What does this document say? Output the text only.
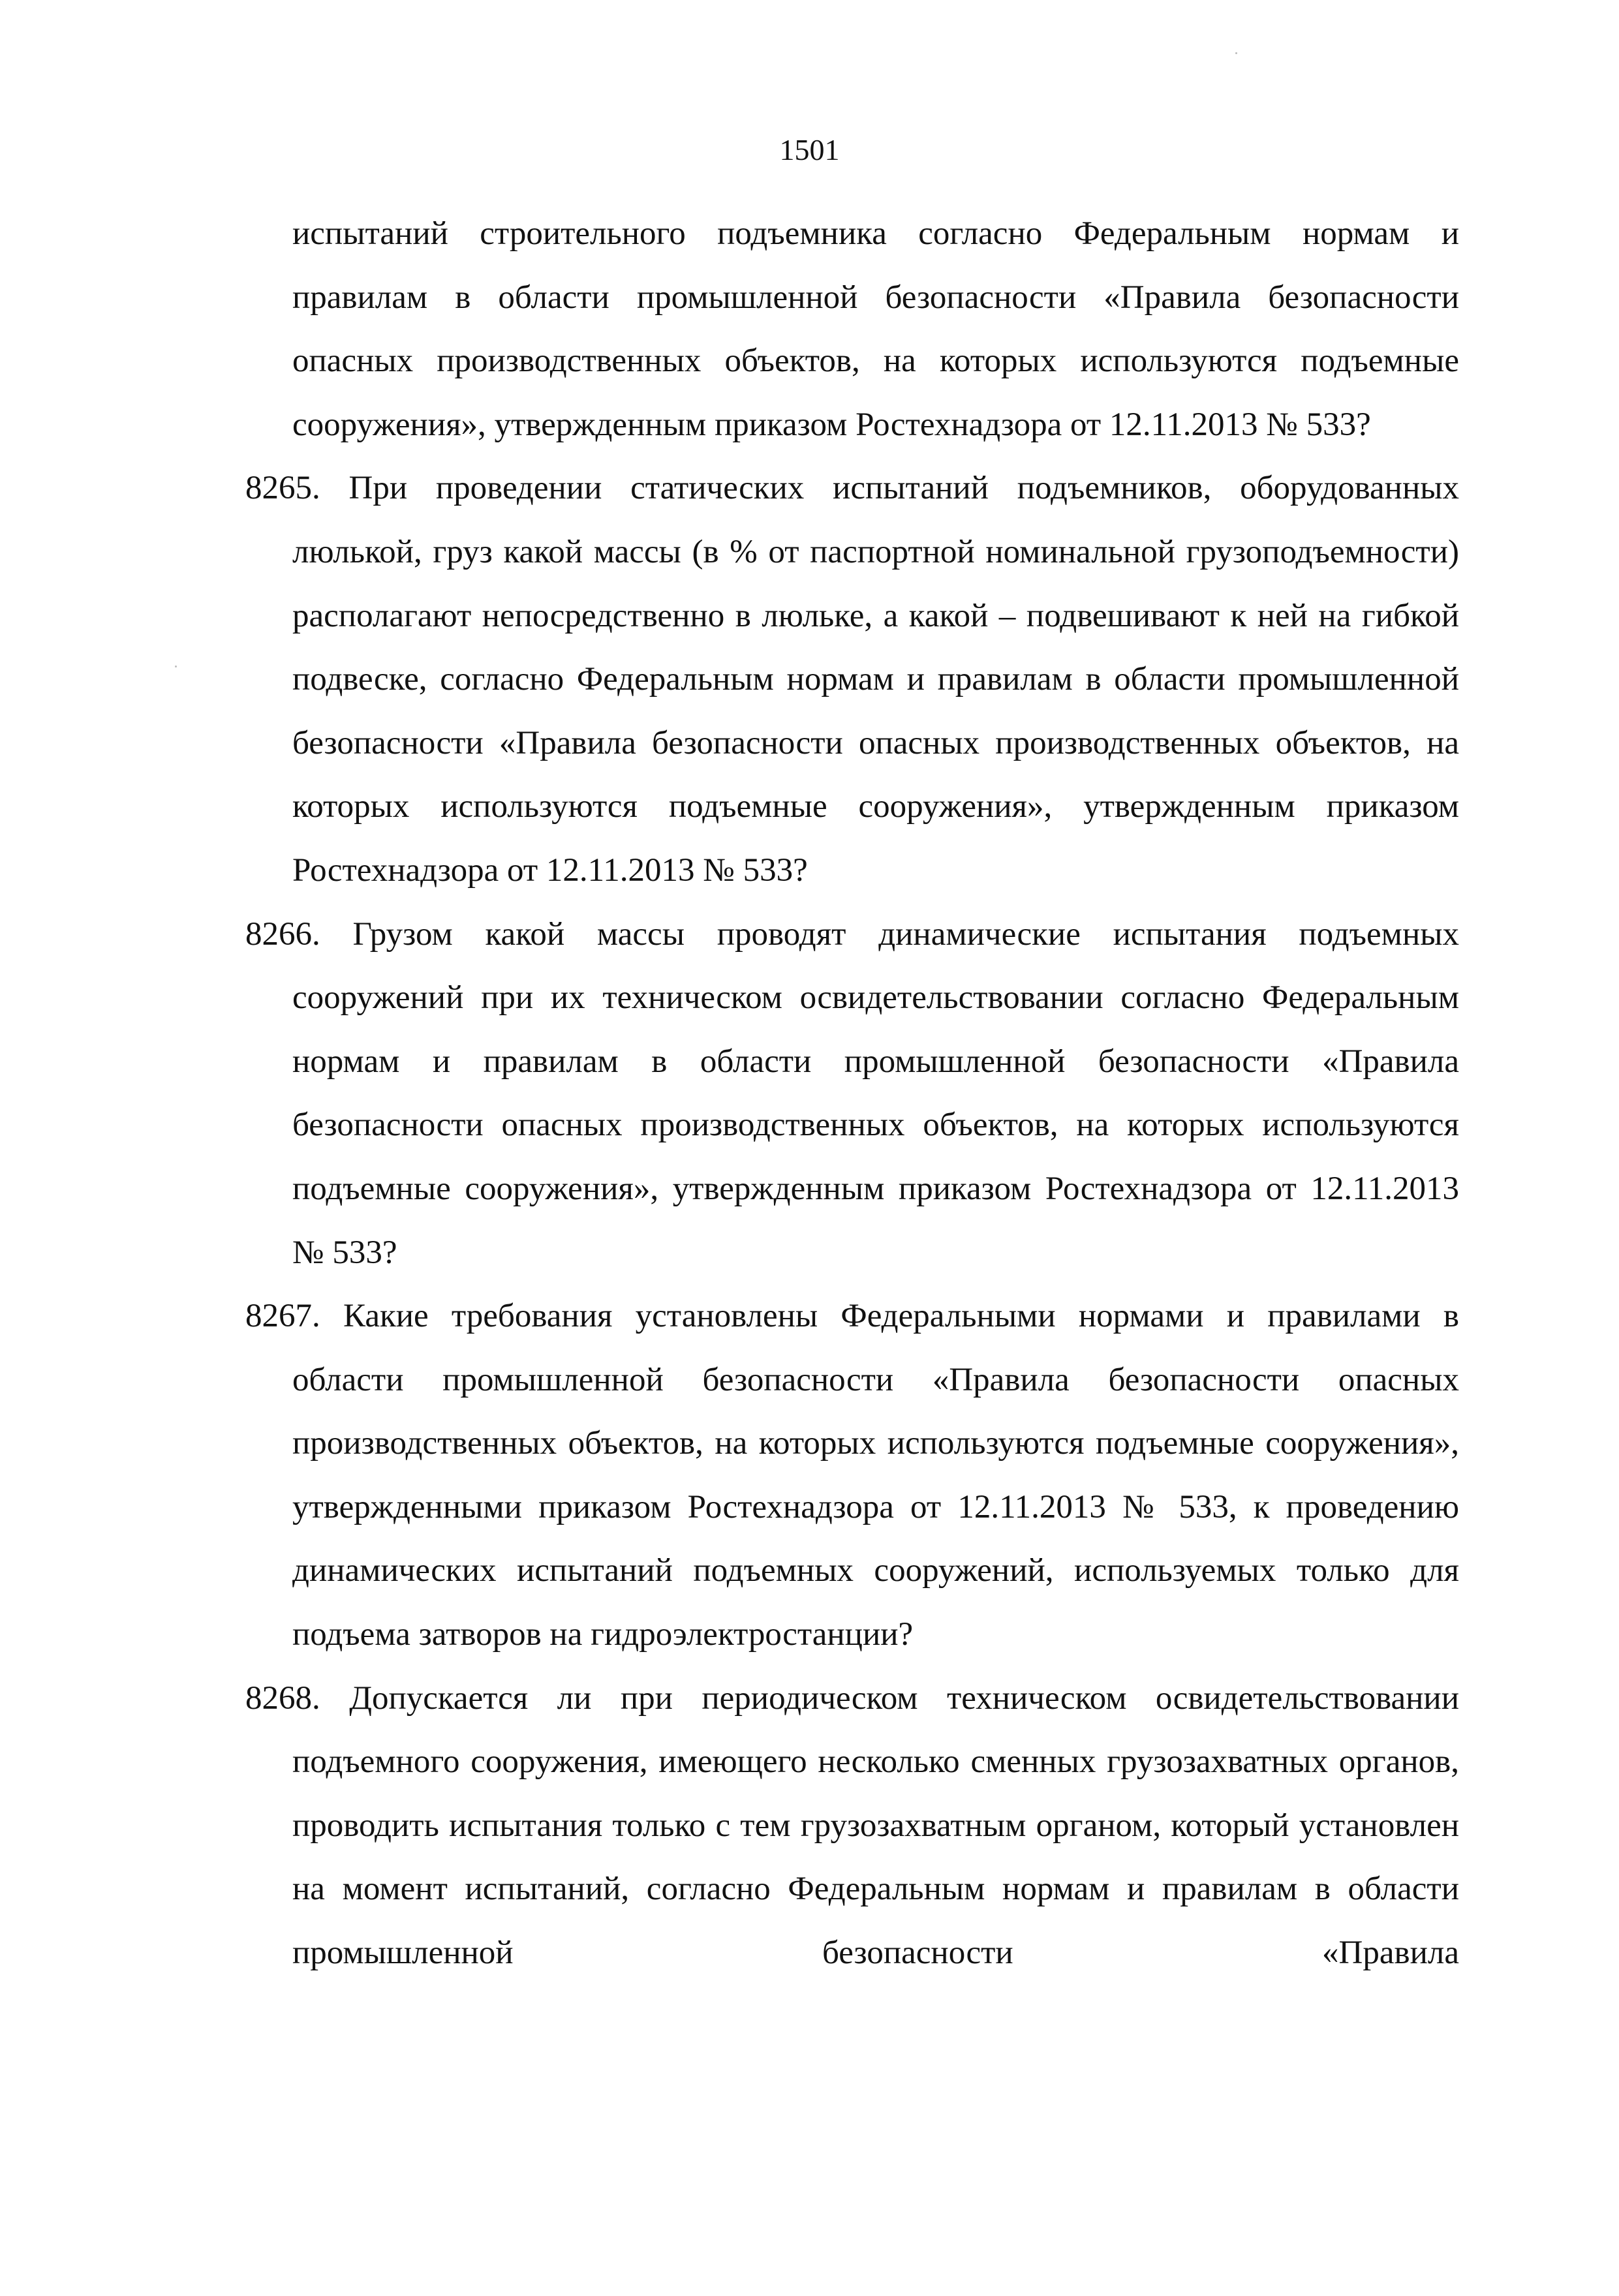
1501

испытаний строительного подъемника согласно Федеральным нормам и правилам в области промышленной безопасности «Правила безопасности опасных производственных объектов, на которых используются подъемные сооружения», утвержденным приказом Ростехнадзора от 12.11.2013 № 533?

8265. При проведении статических испытаний подъемников, оборудованных люлькой, груз какой массы (в % от паспортной номинальной грузоподъемности) располагают непосредственно в люльке, а какой – подвешивают к ней на гибкой подвеске, согласно Федеральным нормам и правилам в области промышленной безопасности «Правила безопасности опасных производственных объектов, на которых используются подъемные сооружения», утвержденным приказом Ростехнадзора от 12.11.2013 № 533?

8266. Грузом какой массы проводят динамические испытания подъемных сооружений при их техническом освидетельствовании согласно Федеральным нормам и правилам в области промышленной безопасности «Правила безопасности опасных производственных объектов, на которых используются подъемные сооружения», утвержденным приказом Ростехнадзора от 12.11.2013 № 533?

8267. Какие требования установлены Федеральными нормами и правилами в области промышленной безопасности «Правила безопасности опасных производственных объектов, на которых используются подъемные сооружения», утвержденными приказом Ростехнадзора от 12.11.2013 № 533, к проведению динамических испытаний подъемных сооружений, используемых только для подъема затворов на гидроэлектростанции?

8268. Допускается ли при периодическом техническом освидетельствовании подъемного сооружения, имеющего несколько сменных грузозахватных органов, проводить испытания только с тем грузозахватным органом, который установлен на момент испытаний, согласно Федеральным нормам и правилам в области промышленной безопасности «Правила
